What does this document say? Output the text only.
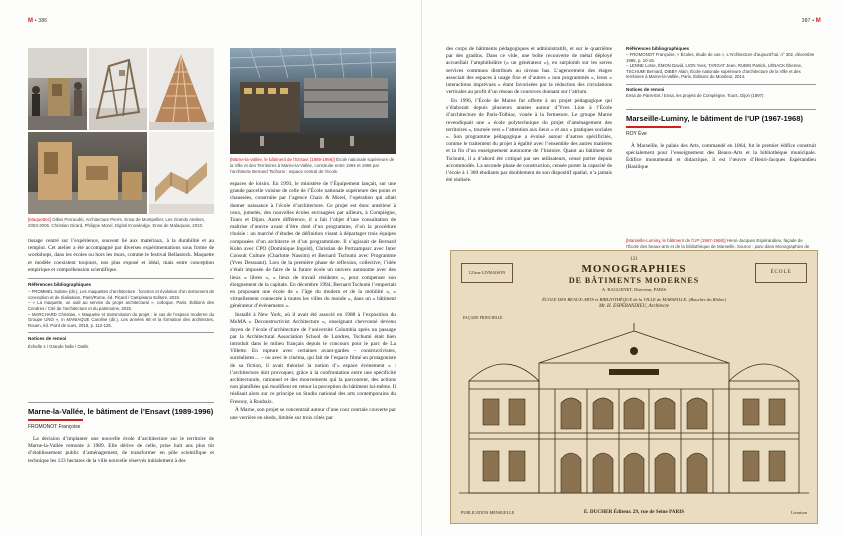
M • 386
[Maquettes] Gilles Perraudin, Architecture Pierre, Ensa de Montpellier, Les Grands Ateliers, 2003-2006. Christian Girard, Philippe Morel, Digital Knowledge, Ensa de Malaquais, 2010.

tissage centré sur l’expérience, souvent lié aux matériaux, à la durabilité et au remploi. Cet atelier a été accompagné par diverses expérimentations sous forme de workshops, dans les écoles ou hors les murs, comme le festival Bellastock. Maquette et modèle coexistent toujours, nos plus exposé et idéal, mais entre conception empirique et compréhension scientifique.

Références bibliographiques
– FROMMEL Sabine (dir.), Les maquettes d’architecture : fonction et évolution d’un instrument de conception et de réalisation, Paris/Rome, éd. Picard / Campisano Editore, 2015.
– « La maquette, un outil au service du projet architectural », colloque, Paris, Éditions des Cendres / Cité de l’architecture et du patrimoine, 2015.
– MARCHARD Christian, « Maquette et transmission du projet : le cas de l’espace moderne du Groupe UNO », in MANIAQUE Caroline (dir.), Les années 68 et la formation des architectes, Rouen, éd. Point de vues, 2018, p. 112-125.
Notices de renvoi
Échelle 1 / Grande halle / Outils
Marne-la-Vallée, le bâtiment de l’Ensavt (1989-1996)
FROMONOT Françoise

La décision d’implanter une nouvelle école d’architecture sur le territoire de Marne-la-Vallée remonte à 1989. Elle dérive de celle, prise huit ans plus tôt d’établissement public d’aménagement, de transformer en pôle scientifique et technique les 123 hectares de la ville nouvelle réservés initialement à des

[Marne-la-Vallée, le bâtiment de l’Ensavt (1989-1996)] École nationale supérieure de la Ville et des Territoires à Marne-la-Vallée, construite entre 1994 et 1996 par l’architecte Bernard Tschumi : espace central de l’école.

espaces de loisirs. En 1993, le ministère de l’Équipement lançait, sur une grande parcelle voisine de celle de l’École nationale supérieure des ponts et chaussées, construite par l’agence Chaix & Morel, l’opération qui allait donner naissance à l’école d’architecture. Ce projet est donc antérieur à ceux, jumelés, des nouvelles écoles envisagées par ailleurs, à Compiègne, Tours et Dijon. Autre différence, il a fait l’objet d’une consultation de maîtrise d’œuvre avant d’être doté d’un programme, d’où la procédure choisie : un marché d’études de définition visant à départager trois équipes composées d’un architecte et d’un programmiste. Il s’agissait de Bernard Kohn avec CPO (Dominique Ingold), Christian de Portzamparc avec Inter Consult Culture (Charlotte Nassim) et Bernard Tschumi avec Programme (Yves Dessuant). Lors de la première phase de réflexion, collective, l’idée s’était imposée de faire de la future école un univers autonome avec des lieux « libres », « lieux de travail résidents », pour compenser son éloignement de la capitale. En décembre 1994, Bernard Tschumi l’emportait en proposant une école de « l’âge du modern et de la mobilité », « virtuellement connectée à toutes les villes du monde », dans un « bâtiment générateur d’événements ».

Installé à New York, où il avait été associé en 1988 à l’exposition du MoMA « Deconstructivist Architecture », enseignant chevronné devenu doyen de l’école d’architecture de l’université Columbia après un passage par la Architectural Association School de Londres, Tschumi était bien introduit dans le milieu français depuis le concours pour le parc de La Villette. En rupture avec certaines avant-gardes – constructivistes, surréalistes… – ou avec le cinéma, qui fait de l’espace filmé un protagoniste de sa fiction, il avait théorisé la notion d’« espace événement » : l’architecture doit provoquer, grâce à la confrontation entre une spécificité architecturale, rationnel et des mouvements qui la parcourent, des actions non planifiées qui modifient en retour la perception du bâtiment lui-même. Il réalisait alors sur ce principe un Studio national des arts contemporains du Fresnoy, à Roubaix.

À Marne, son projet se concentrait autour d’une cour centrale couverte par une verrière en sheds, limitée sur trois côtés par

387 • M

des corps de bâtiments pédagogiques et administratifs, et sur le quatrième par des gradins. Dans ce vide, une boîte recouverte de métal déployé accueillait l’amphithéâtre (« un générateur »), en surplomb sur les serres services communs distribués au niveau bas. L’agencement des étages associait des espaces à usage fixe et d’autres « non programmés », leurs « interactions imprévues » étant favorisées par la réduction des circulations verticales au profit d’un réseau de coursives donnant sur l’atrium.

En 1996, l’École de Marne fut offerte à un projet pédagogique qui s’élaborait depuis plusieurs années autour d’Yves Lion à l’École d’architecture de Paris-Tolbiac, vouée à la fermeture. Le groupe Marne revendiquait une « école polytechnique du projet d’aménagement des territoires », tournée vers « l’attention aux lieux » et aux « pratiques sociales ». Son programme pédagogique a évolué autour d’autres spécificités, comme le traitement du projet à égalité avec l’ensemble des autres matières et la fin d’un enseignement autonome de l’histoire. Quant au bâtiment de Tschumi, il a d’abord été critiqué par ses utilisateurs, censé porter depuis accommodés. La seconde phase de construction, censée porter la capacité de l’école à 1 300 étudiants par doublement de son dispositif spatial, n’a jamais été réalisée.

Références bibliographiques
– FROMONOT Françoise, « Écoles, étude de cas », L’Architecture d’aujourd’hui, n° 302, décembre 1995, p. 10-15.
– LENNE Loïse, ÉMON David, LION Yves, TARGAT Jean, RUBIN Patrick, LÉNACK Étienne, TSCHUMI Bernard, DIBBY Alain, École nationale supérieure d’architecture de la Ville et des territoires à Marne-la-Vallée, Paris, Éditions du Moniteur, 2014.
Notices de renvoi
Ensa de Paris-Est / Ensa, les projets de Compiègne, Tours, Dijon (1997)
Marseille-Luminy, le bâtiment de l’UP (1967-1968)
ROY Ève

À Marseille, le palais des Arts, commandé en 1864, fut le premier édifice construit spécialement pour l’enseignement des Beaux-Arts et la bibliothèque municipale. Édifice monumental et didactique, il est l’œuvre d’Henri-Jacques Espérandieu (Basilique

[Marseille-Luminy, le bâtiment de l’UP (1967-1968)] Henri-Jacques Espérandieu, façade de l’École des beaux-arts et de la bibliothèque de Marseille. Source : paru dans Monographies de
121
MONOGRAPHIES
DE BÂTIMENTS MODERNES
A. RAGUENET, Directeur, PARIS
121me LIVRAISON	ÉCOLE
ÉCOLE DES BEAUX-ARTS et BIBLIOTHÈQUE de la VILLE de MARSEILLE. (Bouches du Rhône)
Mr. H. ESPÉRANDIEU, Architecte
FAÇADE PRINCIPALE
PUBLICATION MENSUELLE	E. DUCHER Éditeur. 29, rue de Seine PARIS	Livraison
